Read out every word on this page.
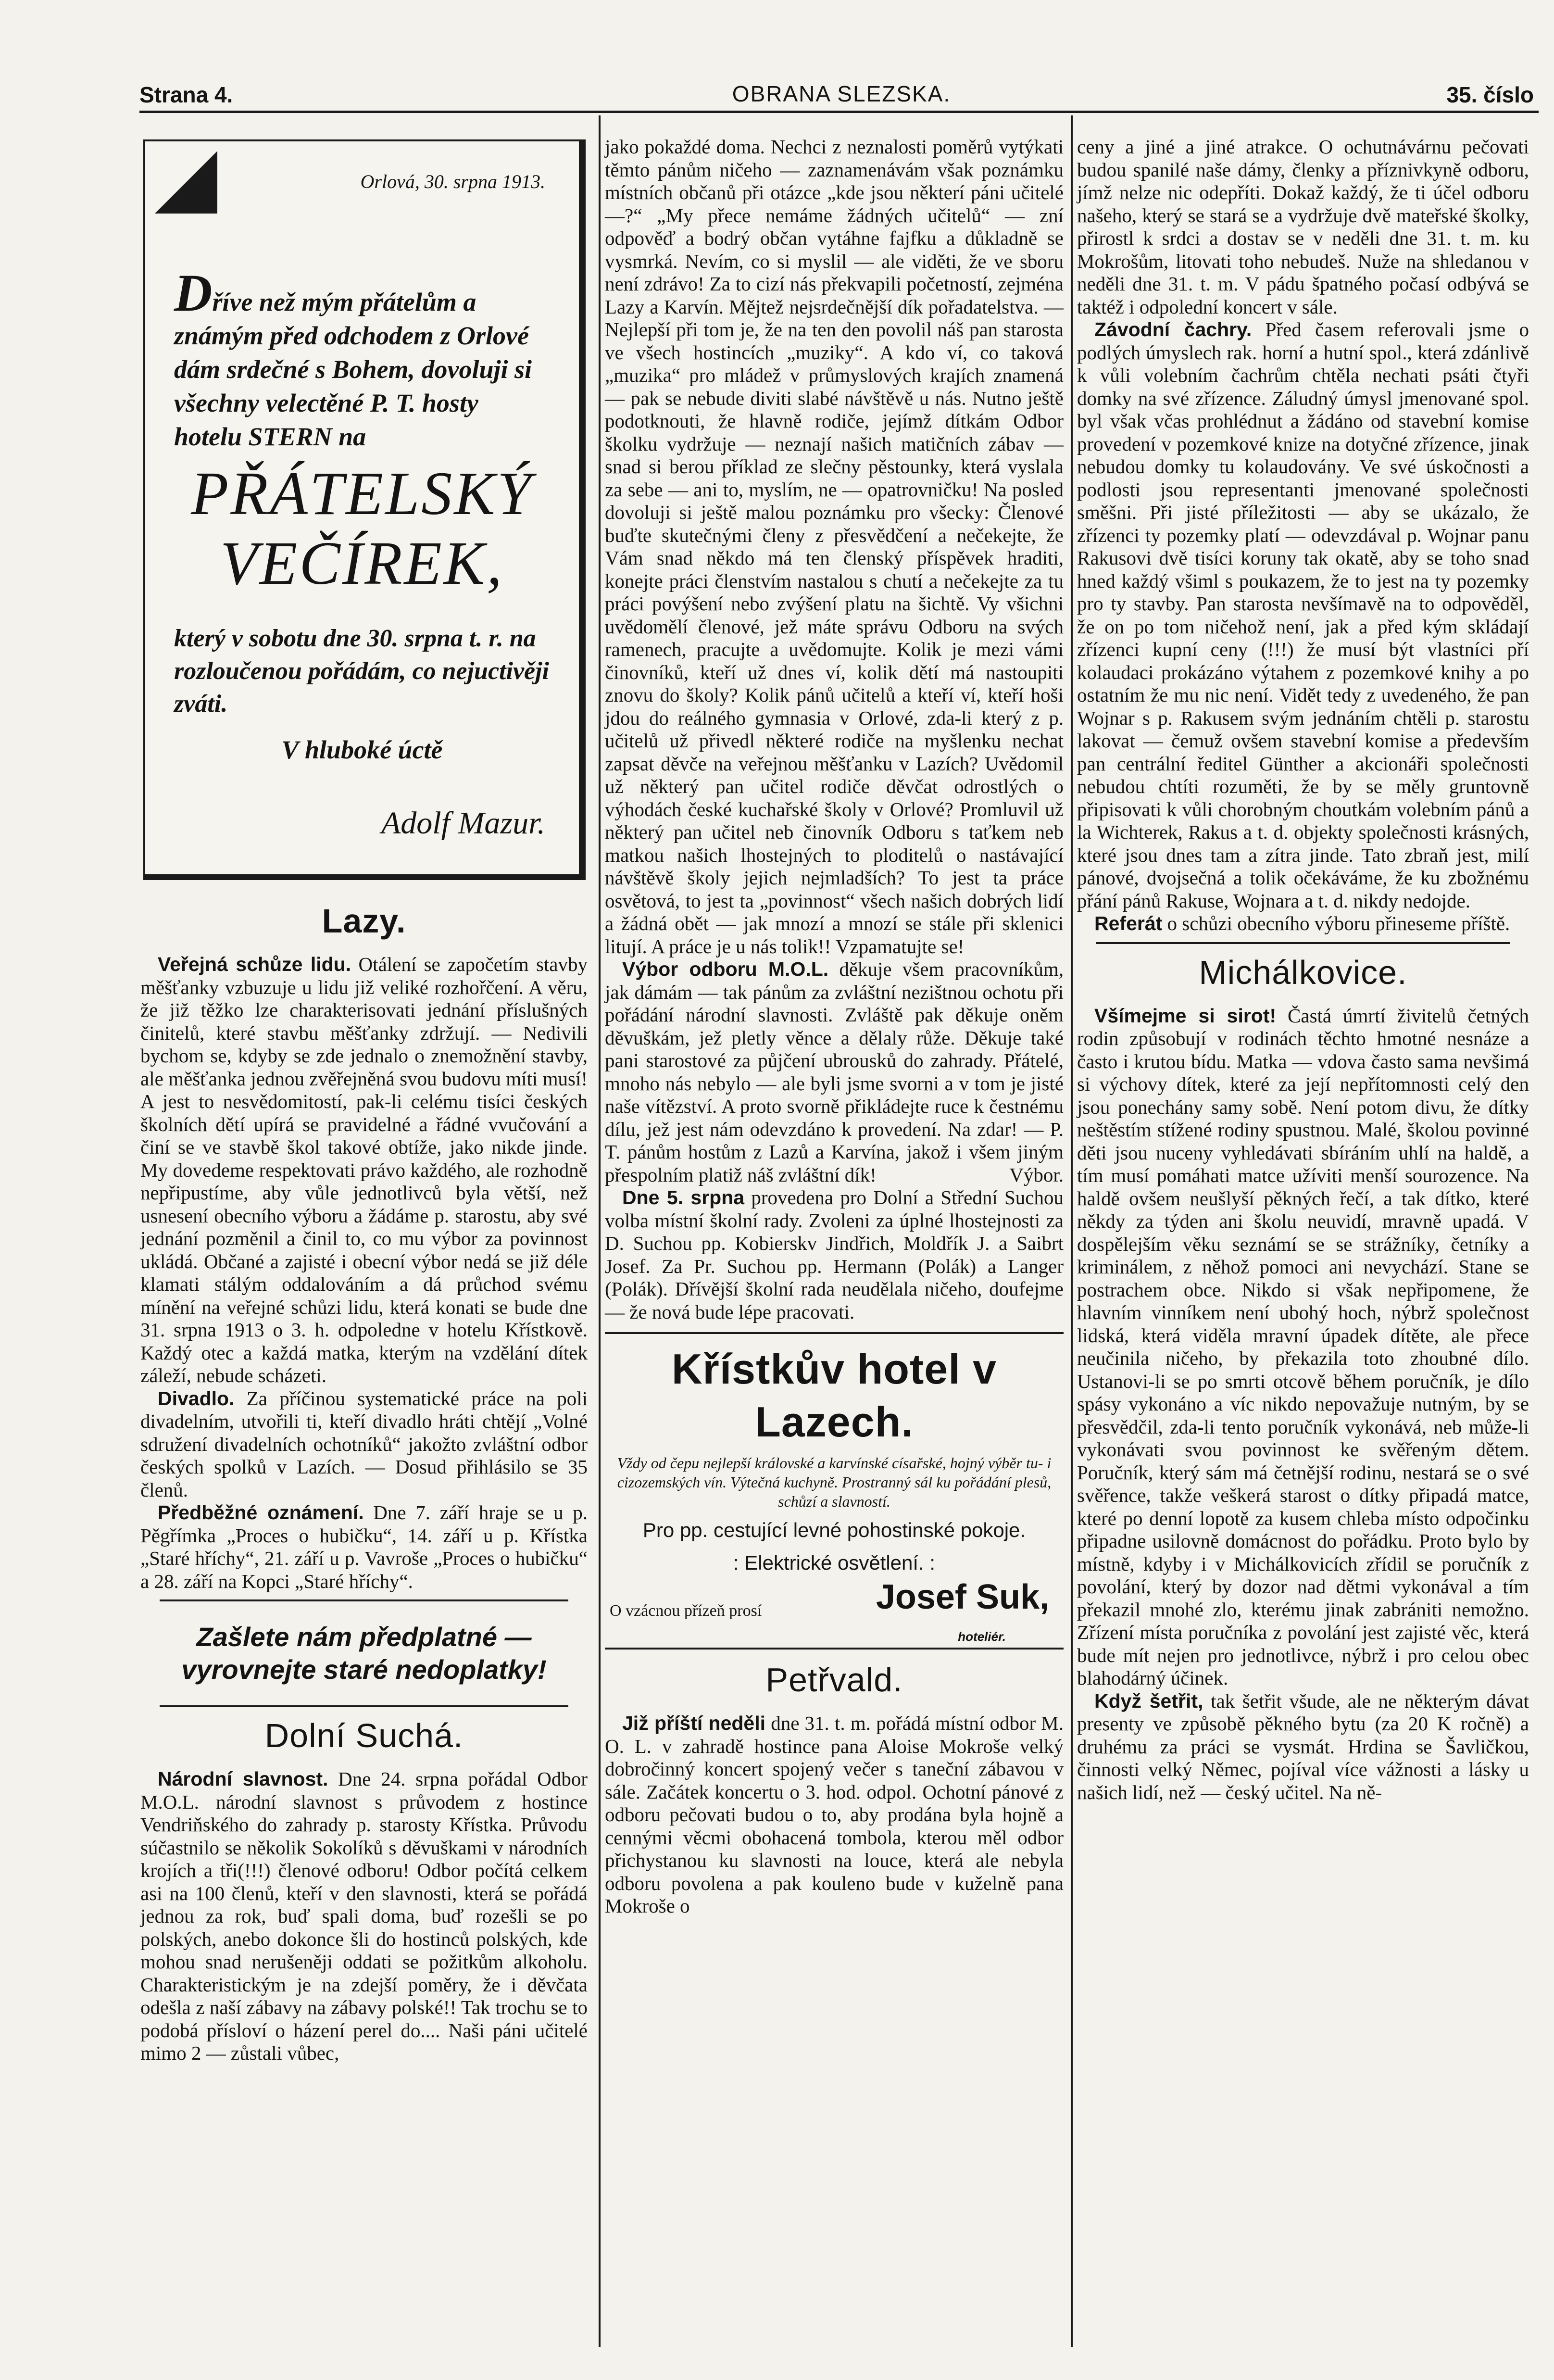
Strana 4.	OBRANA SLEZSKA.	35. číslo
Orlová, 30. srpna 1913.
Dříve než mým přátelům a známým před odchodem z Orlové dám srdečné s Bohem, dovoluji si všechny velectěné P. T. hosty hotelu STERN na
PŘÁTELSKÝ
VEČÍREK,
který v sobotu dne 30. srpna t. r. na rozloučenou pořádám, co nejuctivěji zváti.
V hluboké úctě
Adolf Mazur.
Lazy.

Veřejná schůze lidu. Otálení se započetím stavby měšťanky vzbuzuje u lidu již veliké rozhořčení. A věru, že již těžko lze charakterisovati jednání příslušných činitelů, které stavbu měšťanky zdržují. — Nedivili bychom se, kdyby se zde jednalo o znemožnění stavby, ale měšťanka jednou zvěřejněná svou budovu míti musí! A jest to nesvědomitostí, pak-li celému tisíci českých školních dětí upírá se pravidelné a řádné vvučování a činí se ve stavbě škol takové obtíže, jako nikde jinde. My dovedeme respektovati právo každého, ale rozhodně nepřipustíme, aby vůle jednotlivců byla větší, než usnesení obecního výboru a žádáme p. starostu, aby své jednání pozměnil a činil to, co mu výbor za povinnost ukládá. Občané a zajisté i obecní výbor nedá se již déle klamati stálým oddalováním a dá průchod svému mínění na veřejné schůzi lidu, která konati se bude dne 31. srpna 1913 o 3. h. odpoledne v hotelu Křístkově. Každý otec a každá matka, kterým na vzdělání dítek záleží, nebude scházeti.

Divadlo. Za příčinou systematické práce na poli divadelním, utvořili ti, kteří divadlo hráti chtějí „Volné sdružení divadelních ochotníků“ jakožto zvláštní odbor českých spolků v Lazích. — Dosud přihlásilo se 35 členů.

Předběžné oznámení. Dne 7. září hraje se u p. Pěgřímka „Proces o hubičku“, 14. září u p. Křístka „Staré hříchy“, 21. září u p. Vavroše „Proces o hubičku“ a 28. září na Kopci „Staré hříchy“.

Zašlete nám předplatné — vyrovnejte staré nedoplatky!
Dolní Suchá.

Národní slavnost. Dne 24. srpna pořádal Odbor M.O.L. národní slavnost s průvodem z hostince Vendriňského do zahrady p. starosty Křístka. Průvodu súčastnilo se několik Sokolíků s děvuškami v národních krojích a tři(!!!) členové odboru! Odbor počítá celkem asi na 100 členů, kteří v den slavnosti, která se pořádá jednou za rok, buď spali doma, buď rozešli se po polských, anebo dokonce šli do hostinců polských, kde mohou snad nerušeněji oddati se požitkům alkoholu. Charakteristickým je na zdejší poměry, že i děvčata odešla z naší zábavy na zábavy polské!! Tak trochu se to podobá přísloví o házení perel do.... Naši páni učitelé mimo 2 — zůstali vůbec,

jako pokaždé doma. Nechci z neznalosti poměrů vytýkati těmto pánům ničeho — zaznamenávám však poznámku místních občanů při otázce „kde jsou některí páni učitelé —?“ „My přece nemáme žádných učitelů“ — zní odpověď a bodrý občan vytáhne fajfku a důkladně se vysmrká. Nevím, co si myslil — ale viděti, že ve sboru není zdrávo! Za to cizí nás překvapili početností, zejména Lazy a Karvín. Mějtež nejsrdečnější dík pořadatelstva. — Nejlepší při tom je, že na ten den povolil náš pan starosta ve všech hostincích „muziky“. A kdo ví, co taková „muzika“ pro mládež v průmyslových krajích znamená — pak se nebude diviti slabé návštěvě u nás. Nutno ještě podotknouti, že hlavně rodiče, jejímž dítkám Odbor školku vydržuje — neznají našich matičních zábav — snad si berou příklad ze slečny pěstounky, která vyslala za sebe — ani to, myslím, ne — opatrovničku! Na posled dovoluji si ještě malou poznámku pro všecky: Členové buďte skutečnými členy z přesvědčení a nečekejte, že Vám snad někdo má ten členský příspěvek hraditi, konejte práci členstvím nastalou s chutí a nečekejte za tu práci povýšení nebo zvýšení platu na šichtě. Vy všichni uvědomělí členové, jež máte správu Odboru na svých ramenech, pracujte a uvědomujte. Kolik je mezi vámi činovníků, kteří už dnes ví, kolik dětí má nastoupiti znovu do školy? Kolik pánů učitelů a kteří ví, kteří hoši jdou do reálného gymnasia v Orlové, zda-li který z p. učitelů už přivedl některé rodiče na myšlenku nechat zapsat děvče na veřejnou měšťanku v Lazích? Uvědomil už některý pan učitel rodiče děvčat odrostlých o výhodách české kuchařské školy v Orlové? Promluvil už některý pan učitel neb činovník Odboru s taťkem neb matkou našich lhostejných to ploditelů o nastávající návštěvě školy jejich nejmladších? To jest ta práce osvětová, to jest ta „povinnost“ všech našich dobrých lidí a žádná obět — jak mnozí a mnozí se stále při sklenici litují. A práce je u nás tolik!! Vzpamatujte se!

Výbor odboru M.O.L. děkuje všem pracovníkům, jak dámám — tak pánům za zvláštní nezištnou ochotu při pořádání národní slavnosti. Zvláště pak děkuje oněm děvuškám, jež pletly věnce a dělaly růže. Děkuje také pani starostové za půjčení ubrousků do zahrady. Přátelé, mnoho nás nebylo — ale byli jsme svorni a v tom je jisté naše vítězství. A proto svorně přikládejte ruce k čestnému dílu, jež jest nám odevzdáno k provedení. Na zdar! — P. T. pánům hostům z Lazů a Karvína, jakož i všem jiným přespolním platiž náš zvláštní dík!	Výbor.

Dne 5. srpna provedena pro Dolní a Střední Suchou volba místní školní rady. Zvoleni za úplné lhostejnosti za D. Suchou pp. Kobierskv Jindřich, Moldřík J. a Saibrt Josef. Za Pr. Suchou pp. Hermann (Polák) a Langer (Polák). Dřívější školní rada neudělala ničeho, doufejme — že nová bude lépe pracovati.

Křístkův hotel v Lazech.
Vždy od čepu nejlepší královské a karvínské císařské, hojný výběr tu- i cizozemských vín. Výtečná kuchyně. Prostranný sál ku pořádání plesů, schůzí a slavností.
Pro pp. cestující levné pohostinské pokoje.
: Elektrické osvětlení. :
O vzácnou přízeň prosí	Josef Suk,
hoteliér.
Petřvald.

Již příští neděli dne 31. t. m. pořádá místní odbor M. O. L. v zahradě hostince pana Aloise Mokroše velký dobročinný koncert spojený večer s taneční zábavou v sále. Začátek koncertu o 3. hod. odpol. Ochotní pánové z odboru pečovati budou o to, aby prodána byla hojně a cennými věcmi obohacená tombola, kterou měl odbor přichystanou ku slavnosti na louce, která ale nebyla odboru povolena a pak kouleno bude v kuželně pana Mokroše o

ceny a jiné a jiné atrakce. O ochutnávárnu pečovati budou spanilé naše dámy, členky a příznivkyně odboru, jímž nelze nic odepříti. Dokaž každý, že ti účel odboru našeho, který se stará se a vydržuje dvě mateřské školky, přirostl k srdci a dostav se v neděli dne 31. t. m. ku Mokrošům, litovati toho nebudeš. Nuže na shledanou v neděli dne 31. t. m. V pádu špatného počasí odbývá se taktéž i odpolední koncert v sále.

Závodní čachry. Před časem referovali jsme o podlých úmyslech rak. horní a hutní spol., která zdánlivě k vůli volebním čachrům chtěla nechati psáti čtyři domky na své zřízence. Záludný úmysl jmenované spol. byl však včas prohlédnut a žádáno od stavební komise provedení v pozemkové knize na dotyčné zřízence, jinak nebudou domky tu kolaudovány. Ve své úskočnosti a podlosti jsou representanti jmenované společnosti směšni. Při jisté příležitosti — aby se ukázalo, že zřízenci ty pozemky platí — odevzdával p. Wojnar panu Rakusovi dvě tisíci koruny tak okatě, aby se toho snad hned každý všiml s poukazem, že to jest na ty pozemky pro ty stavby. Pan starosta nevšímavě na to odpověděl, že on po tom ničehož není, jak a před kým skládají zřízenci kupní ceny (!!!) že musí být vlastníci pří kolaudaci prokázáno výtahem z pozemkové knihy a po ostatním že mu nic není. Vidět tedy z uvedeného, že pan Wojnar s p. Rakusem svým jednáním chtěli p. starostu lakovat — čemuž ovšem stavební komise a především pan centrální ředitel Günther a akcionáři společnosti nebudou chtíti rozuměti, že by se měly gruntovně připisovati k vůli chorobným choutkám volebním pánů a la Wichterek, Rakus a t. d. objekty společnosti krásných, které jsou dnes tam a zítra jinde. Tato zbraň jest, milí pánové, dvojsečná a tolik očekáváme, že ku zbožnému přání pánů Rakuse, Wojnara a t. d. nikdy nedojde.

Referát o schůzi obecního výboru přineseme příště.

Michálkovice.

Všímejme si sirot! Častá úmrtí živitelů četných rodin způsobují v rodinách těchto hmotné nesnáze a často i krutou bídu. Matka — vdova často sama nevšimá si výchovy dítek, které za její nepřítomnosti celý den jsou ponechány samy sobě. Není potom divu, že dítky neštěstím stížené rodiny spustnou. Malé, školou povinné děti jsou nuceny vyhledávati sbíráním uhlí na haldě, a tím musí pomáhati matce užíviti menší sourozence. Na haldě ovšem neušlyší pěkných řečí, a tak dítko, které někdy za týden ani školu neuvidí, mravně upadá. V dospělejším věku seznámí se se strážníky, četníky a kriminálem, z něhož pomoci ani nevychází. Stane se postrachem obce. Nikdo si však nepřipomene, že hlavním vinníkem není ubohý hoch, nýbrž společnost lidská, která viděla mravní úpadek dítěte, ale přece neučinila ničeho, by překazila toto zhoubné dílo. Ustanovi-li se po smrti otcově během poručník, je dílo spásy vykonáno a víc nikdo nepovažuje nutným, by se přesvědčil, zda-li tento poručník vykonává, neb může-li vykonávati svou povinnost ke svěřeným dětem. Poručník, který sám má četnější rodinu, nestará se o své svěřence, takže veškerá starost o dítky připadá matce, které po denní lopotě za kusem chleba místo odpočinku připadne usilovně domácnost do pořádku. Proto bylo by místně, kdyby i v Michálkovicích zřídil se poručník z povolání, který by dozor nad dětmi vykonával a tím překazil mnohé zlo, kterému jinak zabrániti nemožno. Zřízení místa poručníka z povolání jest zajisté věc, která bude mít nejen pro jednotlivce, nýbrž i pro celou obec blahodárný účinek.

Když šetřit, tak šetřit všude, ale ne některým dávat presenty ve způsobě pěkného bytu (za 20 K ročně) a druhému za práci se vysmát. Hrdina se Šavličkou, činnosti velký Němec, pojíval více vážnosti a lásky u našich lidí, než — český učitel. Na ně-
